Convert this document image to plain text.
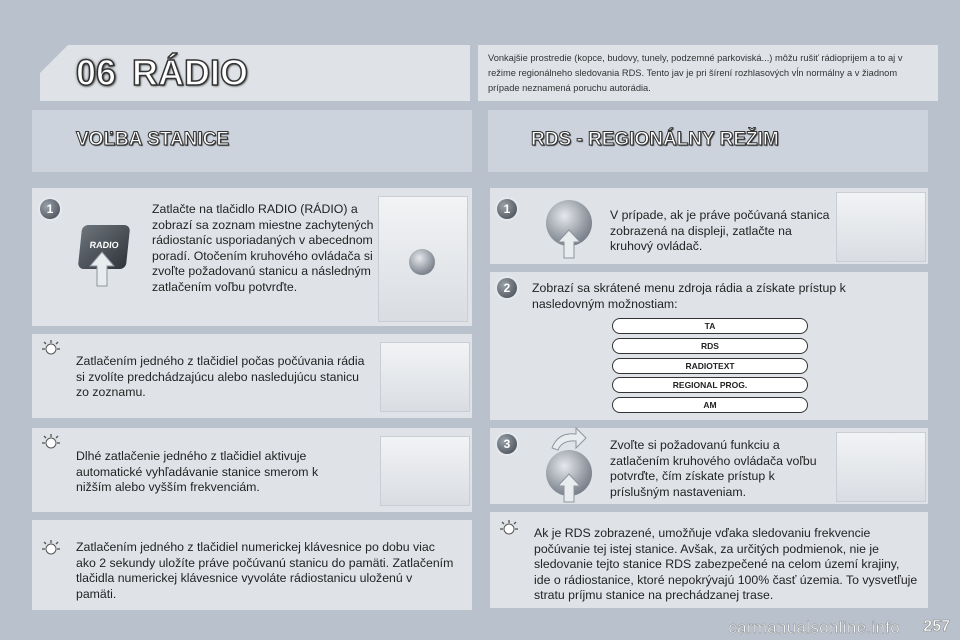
06 RÁDIO	Vonkajšie prostredie (kopce, budovy, tunely, podzemné parkoviská...) môžu rušiť rádioprijem a to aj v režime regionálneho sledovania RDS. Tento jav je pri šírení rozhlasových vĺn normálny a v žiadnom prípade neznamená poruchu autorádia.
VOĽBA STANICE	RDS - REGIONÁLNY REŽIM
1
RADIO
Zatlačte na tlačidlo RADIO (RÁDIO) a zobrazí sa zoznam miestne zachytených rádiostaníc usporiadaných v abecednom poradí. Otočením kruhového ovládača si zvoľte požadovanú stanicu a následným zatlačením voľbu potvrďte.
Zatlačením jedného z tlačidiel počas počúvania rádia si zvolíte predchádzajúcu alebo nasledujúcu stanicu zo zoznamu.
Dlhé zatlačenie jedného z tlačidiel aktivuje automatické vyhľadávanie stanice smerom k nižším alebo vyšším frekvenciám.
Zatlačením jedného z tlačidiel numerickej klávesnice po dobu viac ako 2 sekundy uložíte práve počúvanú stanicu do pamäti. Zatlačením tlačidla numerickej klávesnice vyvoláte rádiostanicu uloženú v pamäti.
1	V prípade, ak je práve počúvaná stanica zobrazená na displeji, zatlačte na kruhový ovládač.
2	Zobrazí sa skrátené menu zdroja rádia a získate prístup k nasledovným možnostiam:
TA
RDS
RADIOTEXT
REGIONAL PROG.
AM
3	Zvoľte si požadovanú funkciu a zatlačením kruhového ovládača voľbu potvrďte, čím získate prístup k príslušným nastaveniam.
Ak je RDS zobrazené, umožňuje vďaka sledovaniu frekvencie počúvanie tej istej stanice. Avšak, za určitých podmienok, nie je sledovanie tejto stanice RDS zabezpečené na celom území krajiny, ide o rádiostanice, ktoré nepokrývajú 100% časť územia. To vysvetľuje stratu príjmu stanice na prechádzanej trase.
carmanualsonline.info 257
